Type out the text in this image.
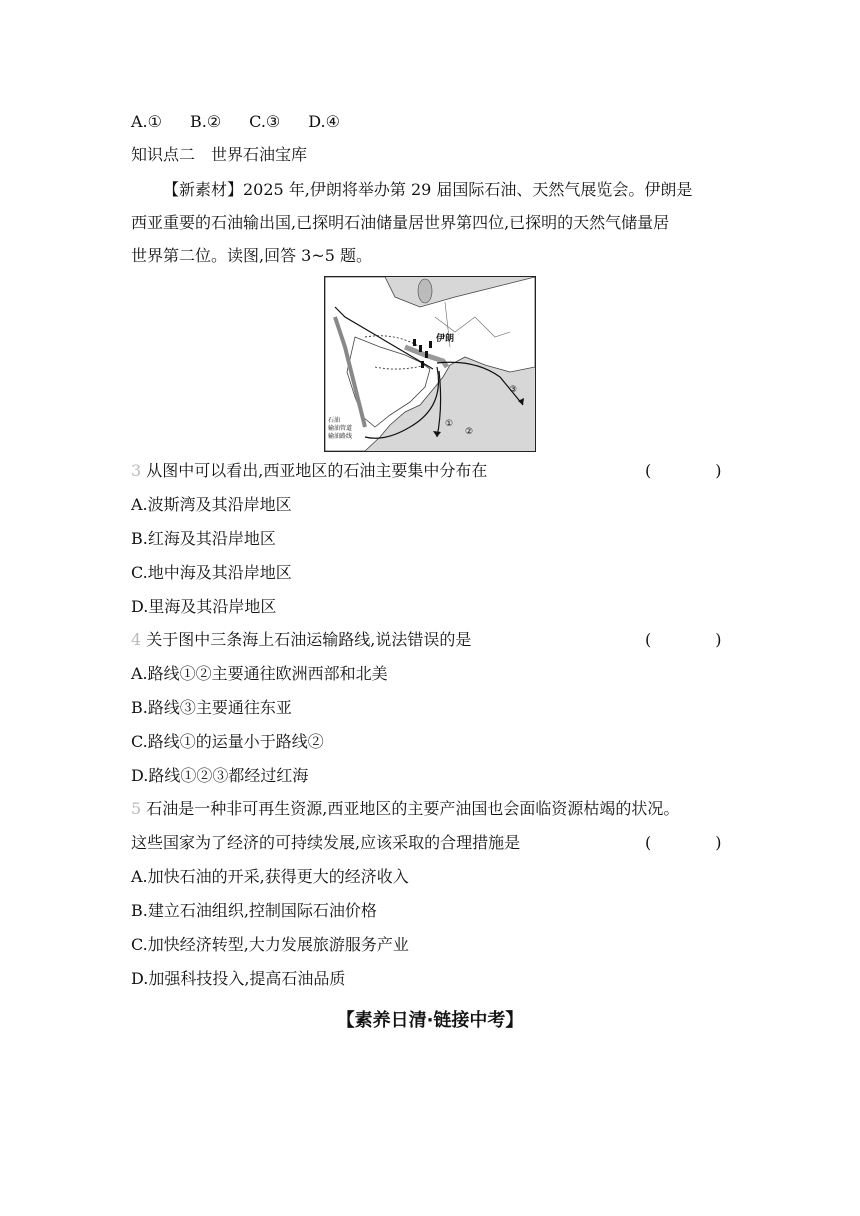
A.① B.② C.③ D.④
知识点二　世界石油宝库
【新素材】2025 年,伊朗将举办第 29 届国际石油、天然气展览会。伊朗是
西亚重要的石油输出国,已探明石油储量居世界第四位,已探明的天然气储量居
世界第二位。读图,回答 3~5 题。
伊朗
①
②
③
石油
输油管道
输油路线
3 从图中可以看出,西亚地区的石油主要集中分布在	(　　　　)
A.波斯湾及其沿岸地区
B.红海及其沿岸地区
C.地中海及其沿岸地区
D.里海及其沿岸地区
4 关于图中三条海上石油运输路线,说法错误的是	(　　　　)
A.路线①②主要通往欧洲西部和北美
B.路线③主要通往东亚
C.路线①的运量小于路线②
D.路线①②③都经过红海
5 石油是一种非可再生资源,西亚地区的主要产油国也会面临资源枯竭的状况。
这些国家为了经济的可持续发展,应该采取的合理措施是	(　　　　)
A.加快石油的开采,获得更大的经济收入
B.建立石油组织,控制国际石油价格
C.加快经济转型,大力发展旅游服务产业
D.加强科技投入,提高石油品质
【素养日清·链接中考】
